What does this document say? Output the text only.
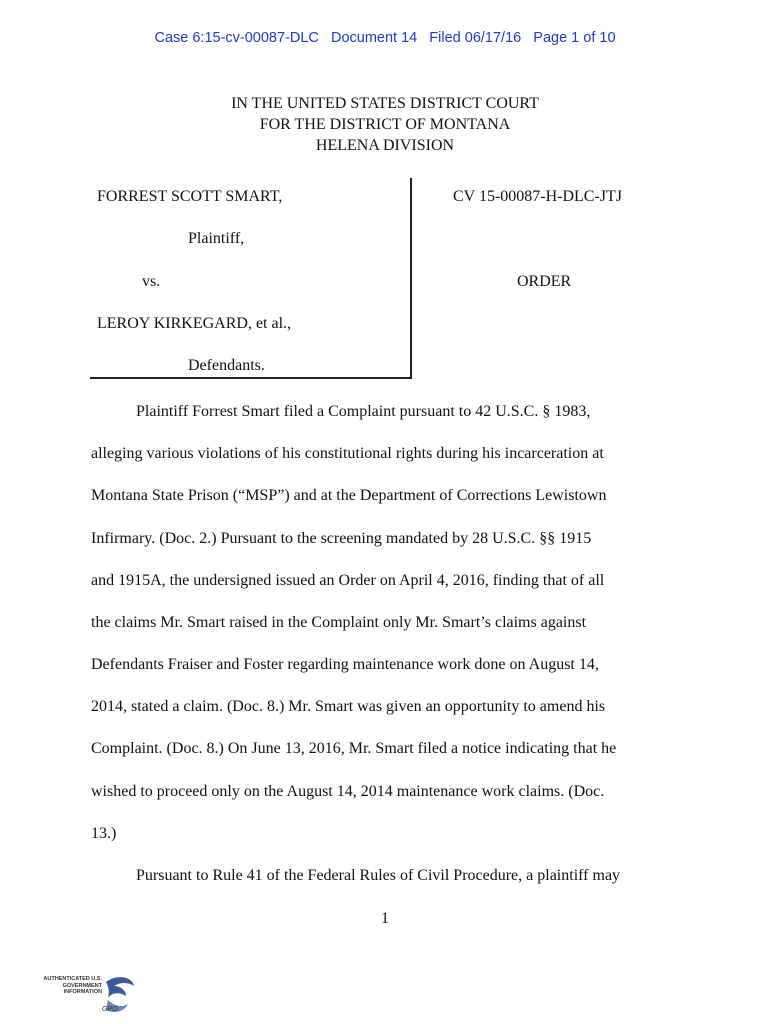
Case 6:15-cv-00087-DLC   Document 14   Filed 06/17/16   Page 1 of 10
IN THE UNITED STATES DISTRICT COURT
FOR THE DISTRICT OF MONTANA
HELENA DIVISION
FORREST SCOTT SMART,
Plaintiff,
vs.
LEROY KIRKEGARD, et al.,
Defendants.
CV 15-00087-H-DLC-JTJ
ORDER
Plaintiff Forrest Smart filed a Complaint pursuant to 42 U.S.C. § 1983,
alleging various violations of his constitutional rights during his incarceration at
Montana State Prison (“MSP”) and at the Department of Corrections Lewistown
Infirmary. (Doc. 2.) Pursuant to the screening mandated by 28 U.S.C. §§ 1915
and 1915A, the undersigned issued an Order on April 4, 2016, finding that of all
the claims Mr. Smart raised in the Complaint only Mr. Smart’s claims against
Defendants Fraiser and Foster regarding maintenance work done on August 14,
2014, stated a claim. (Doc. 8.) Mr. Smart was given an opportunity to amend his
Complaint. (Doc. 8.) On June 13, 2016, Mr. Smart filed a notice indicating that he
wished to proceed only on the August 14, 2014 maintenance work claims. (Doc.
13.)
Pursuant to Rule 41 of the Federal Rules of Civil Procedure, a plaintiff may
1
AUTHENTICATED U.S. GOVERNMENT INFORMATION
GPO
